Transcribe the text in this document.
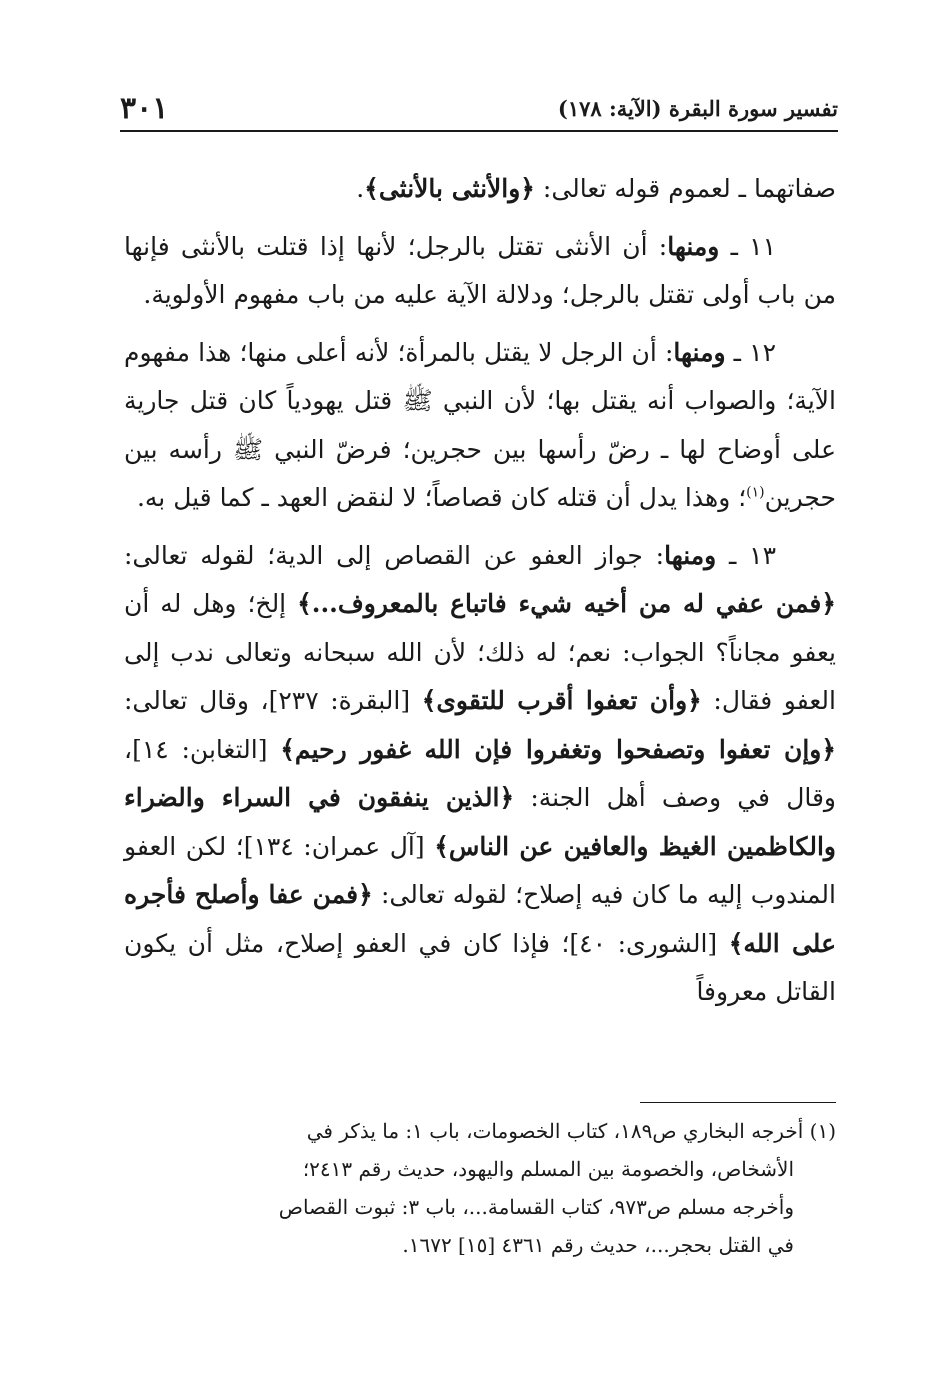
تفسير سورة البقرة (الآية: ١٧٨)
٣٠١

صفاتهما ـ لعموم قوله تعالى: ﴿والأنثى بالأنثى﴾.

١١ ـ ومنها: أن الأنثى تقتل بالرجل؛ لأنها إذا قتلت بالأنثى فإنها من باب أولى تقتل بالرجل؛ ودلالة الآية عليه من باب مفهوم الأولوية.

١٢ ـ ومنها: أن الرجل لا يقتل بالمرأة؛ لأنه أعلى منها؛ هذا مفهوم الآية؛ والصواب أنه يقتل بها؛ لأن النبي ﷺ قتل يهودياً كان قتل جارية على أوضاح لها ـ رضّ رأسها بين حجرين؛ فرضّ النبي ﷺ رأسه بين حجرين$^{(١)}$؛ وهذا يدل أن قتله كان قصاصاً؛ لا لنقض العهد ـ كما قيل به.

١٣ ـ ومنها: جواز العفو عن القصاص إلى الدية؛ لقوله تعالى: ﴿فمن عفي له من أخيه شيء فاتباع بالمعروف...﴾ إلخ؛ وهل له أن يعفو مجاناً؟ الجواب: نعم؛ له ذلك؛ لأن الله سبحانه وتعالى ندب إلى العفو فقال: ﴿وأن تعفوا أقرب للتقوى﴾ [البقرة: ٢٣٧]، وقال تعالى: ﴿وإن تعفوا وتصفحوا وتغفروا فإن الله غفور رحيم﴾ [التغابن: ١٤]، وقال في وصف أهل الجنة: ﴿الذين ينفقون في السراء والضراء والكاظمين الغيظ والعافين عن الناس﴾ [آل عمران: ١٣٤]؛ لكن العفو المندوب إليه ما كان فيه إصلاح؛ لقوله تعالى: ﴿فمن عفا وأصلح فأجره على الله﴾ [الشورى: ٤٠]؛ فإذا كان في العفو إصلاح، مثل أن يكون القاتل معروفاً

(١) أخرجه البخاري ص١٨٩، كتاب الخصومات، باب ١: ما يذكر في

الأشخاص، والخصومة بين المسلم واليهود، حديث رقم ٢٤١٣؛

وأخرجه مسلم ص٩٧٣، كتاب القسامة...، باب ٣: ثبوت القصاص

في القتل بحجر...، حديث رقم ٤٣٦١ [١٥] ١٦٧٢.
